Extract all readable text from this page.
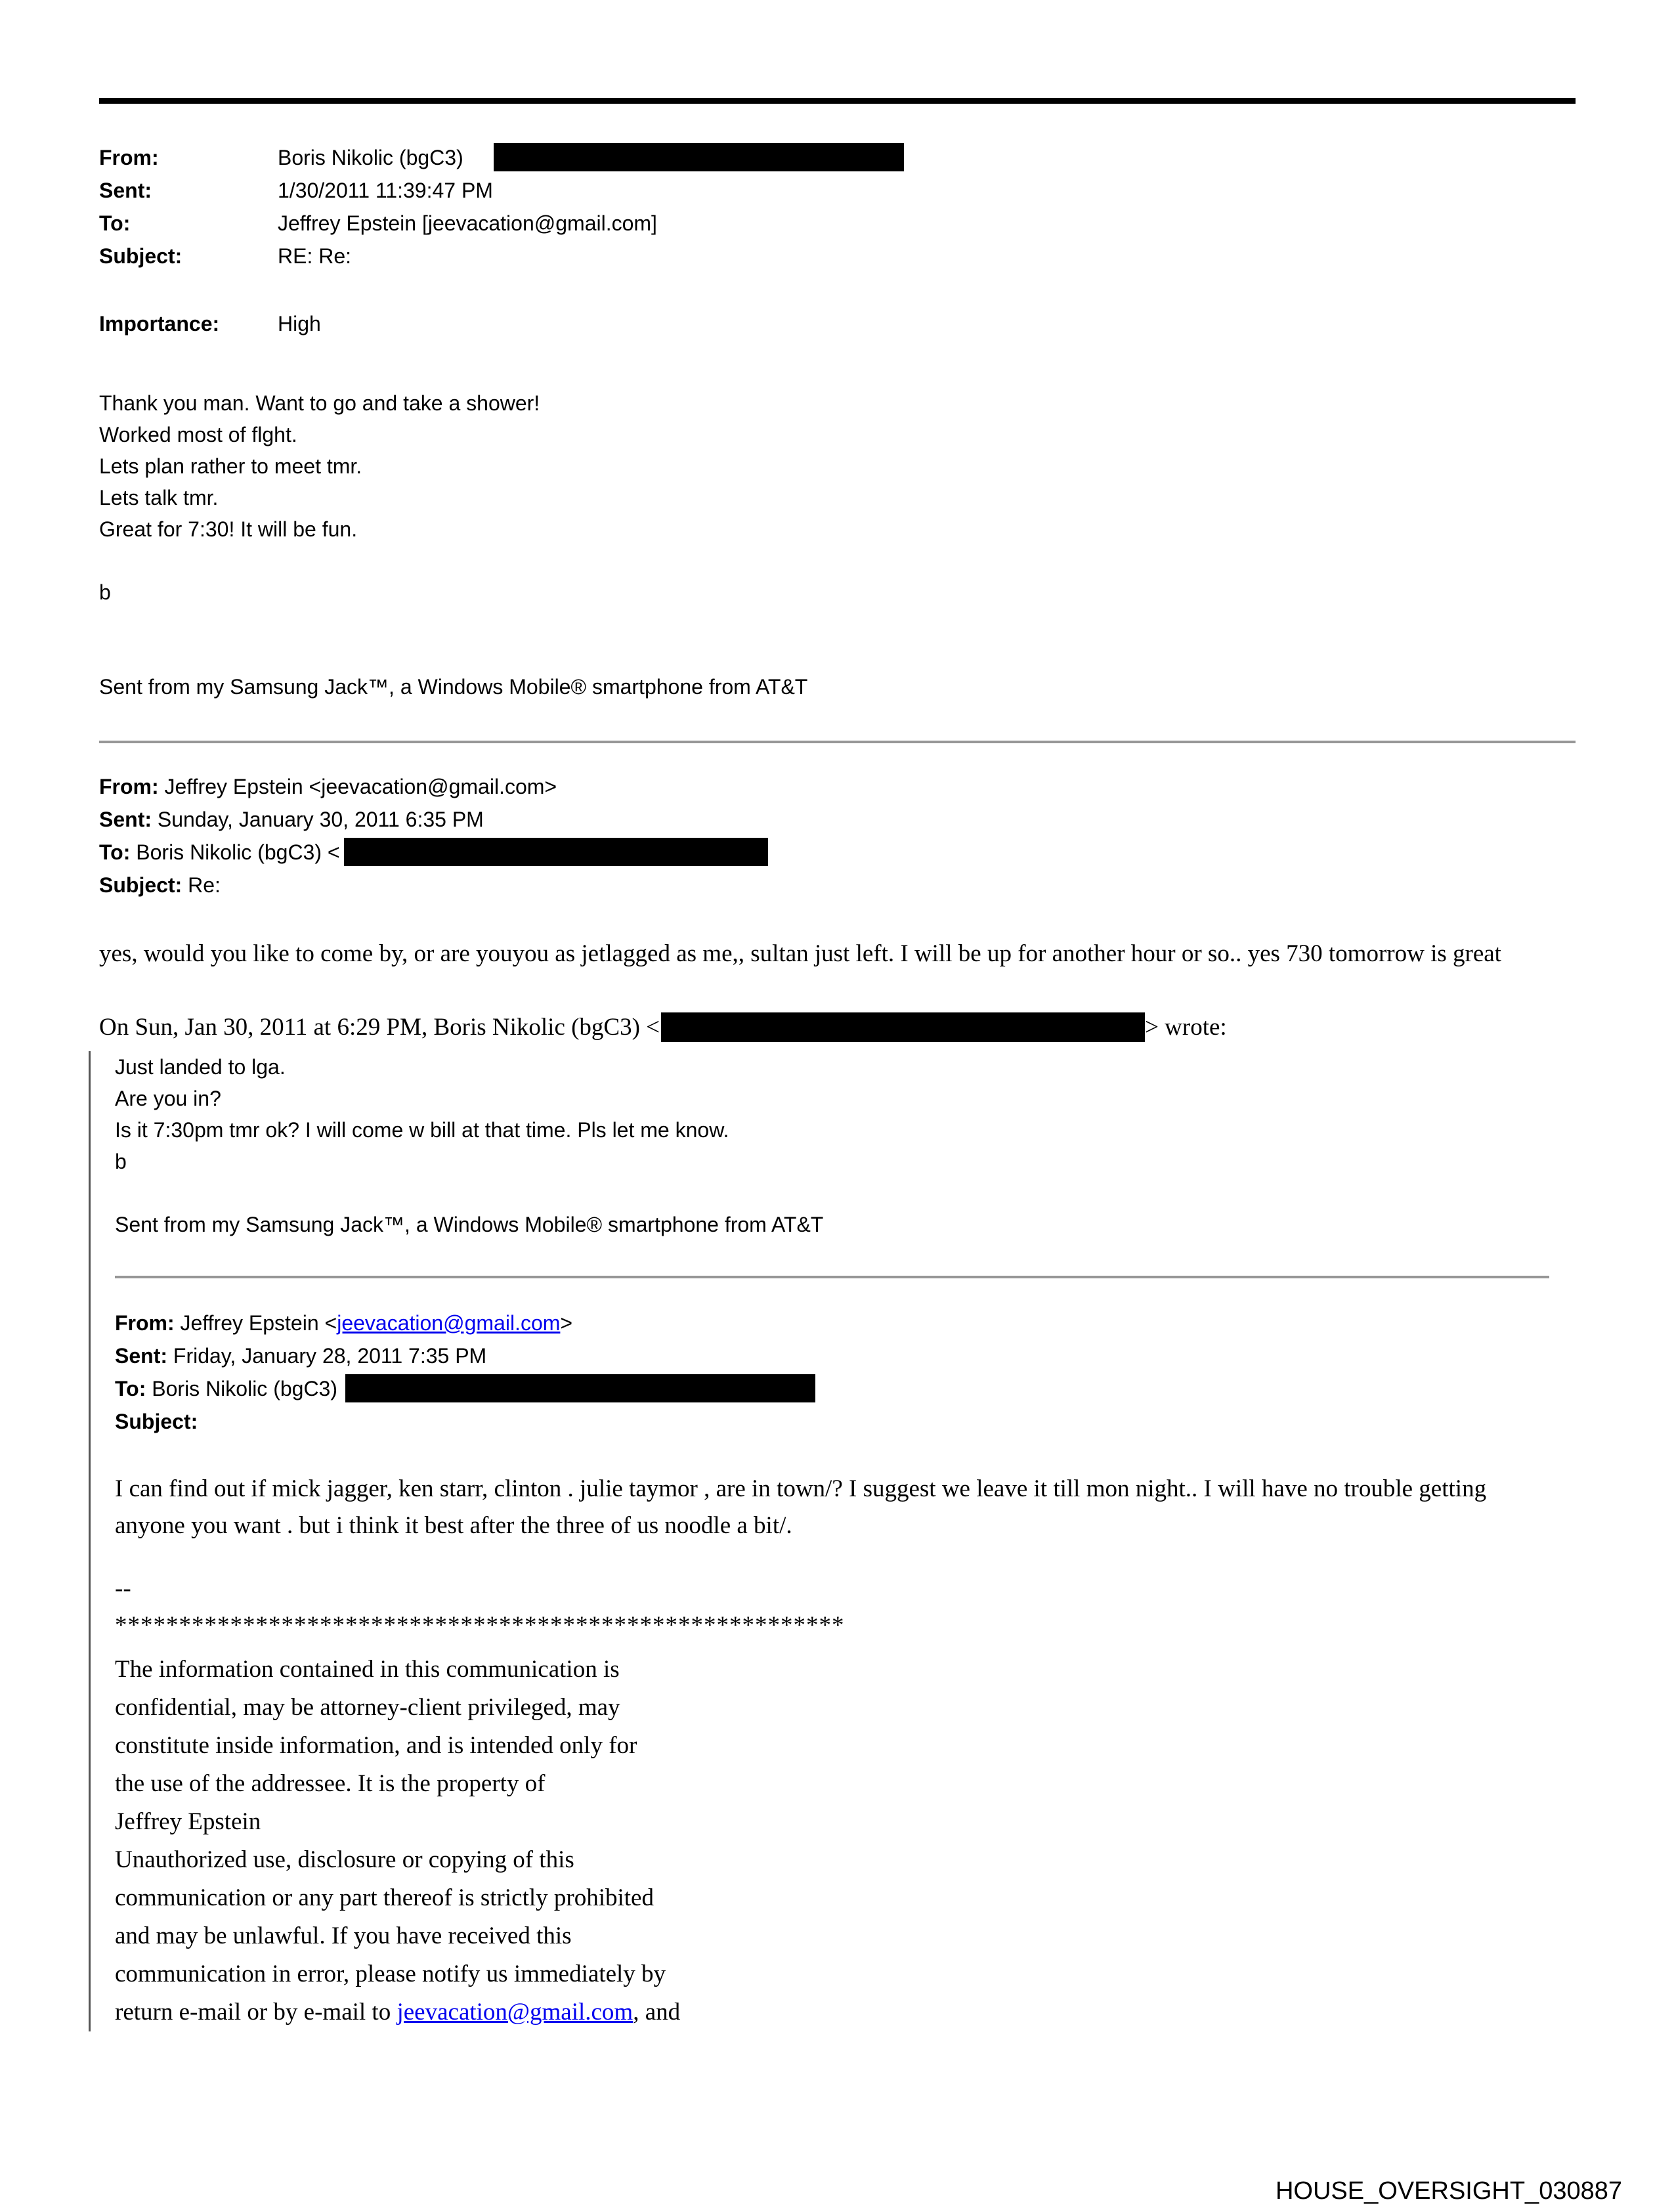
From:	Boris Nikolic (bgC3)
Sent:	1/30/2011 11:39:47 PM
To:	Jeffrey Epstein [jeevacation@gmail.com]
Subject:	RE: Re:
Importance:	High
Thank you man. Want to go and take a shower!
Worked most of flght.
Lets plan rather to meet tmr.
Lets talk tmr.
Great for 7:30! It will be fun.
b
Sent from my Samsung Jack™, a Windows Mobile® smartphone from AT&T
From: Jeffrey Epstein <jeevacation@gmail.com>
Sent: Sunday, January 30, 2011 6:35 PM
To: Boris Nikolic (bgC3) <
Subject: Re:
yes, would you like to come by, or are youyou as jetlagged as me,, sultan just left. I will be up for another hour or so.. yes 730 tomorrow is great
On Sun, Jan 30, 2011 at 6:29 PM, Boris Nikolic (bgC3) <	> wrote:
Just landed to lga.
Are you in?
Is it 7:30pm tmr ok? I will come w bill at that time. Pls let me know.
b
Sent from my Samsung Jack™, a Windows Mobile® smartphone from AT&T
From: Jeffrey Epstein <jeevacation@gmail.com>
Sent: Friday, January 28, 2011 7:35 PM
To: Boris Nikolic (bgC3)
Subject:
I can find out if mick jagger, ken starr, clinton . julie taymor , are in town/? I suggest we leave it till mon night.. I will have no trouble getting anyone you want . but i think it best after the three of us noodle a bit/.
--
*********************************************************
The information contained in this communication is
confidential, may be attorney-client privileged, may
constitute inside information, and is intended only for
the use of the addressee. It is the property of
Jeffrey Epstein
Unauthorized use, disclosure or copying of this
communication or any part thereof is strictly prohibited
and may be unlawful. If you have received this
communication in error, please notify us immediately by
return e-mail or by e-mail to jeevacation@gmail.com, and
HOUSE_OVERSIGHT_030887
